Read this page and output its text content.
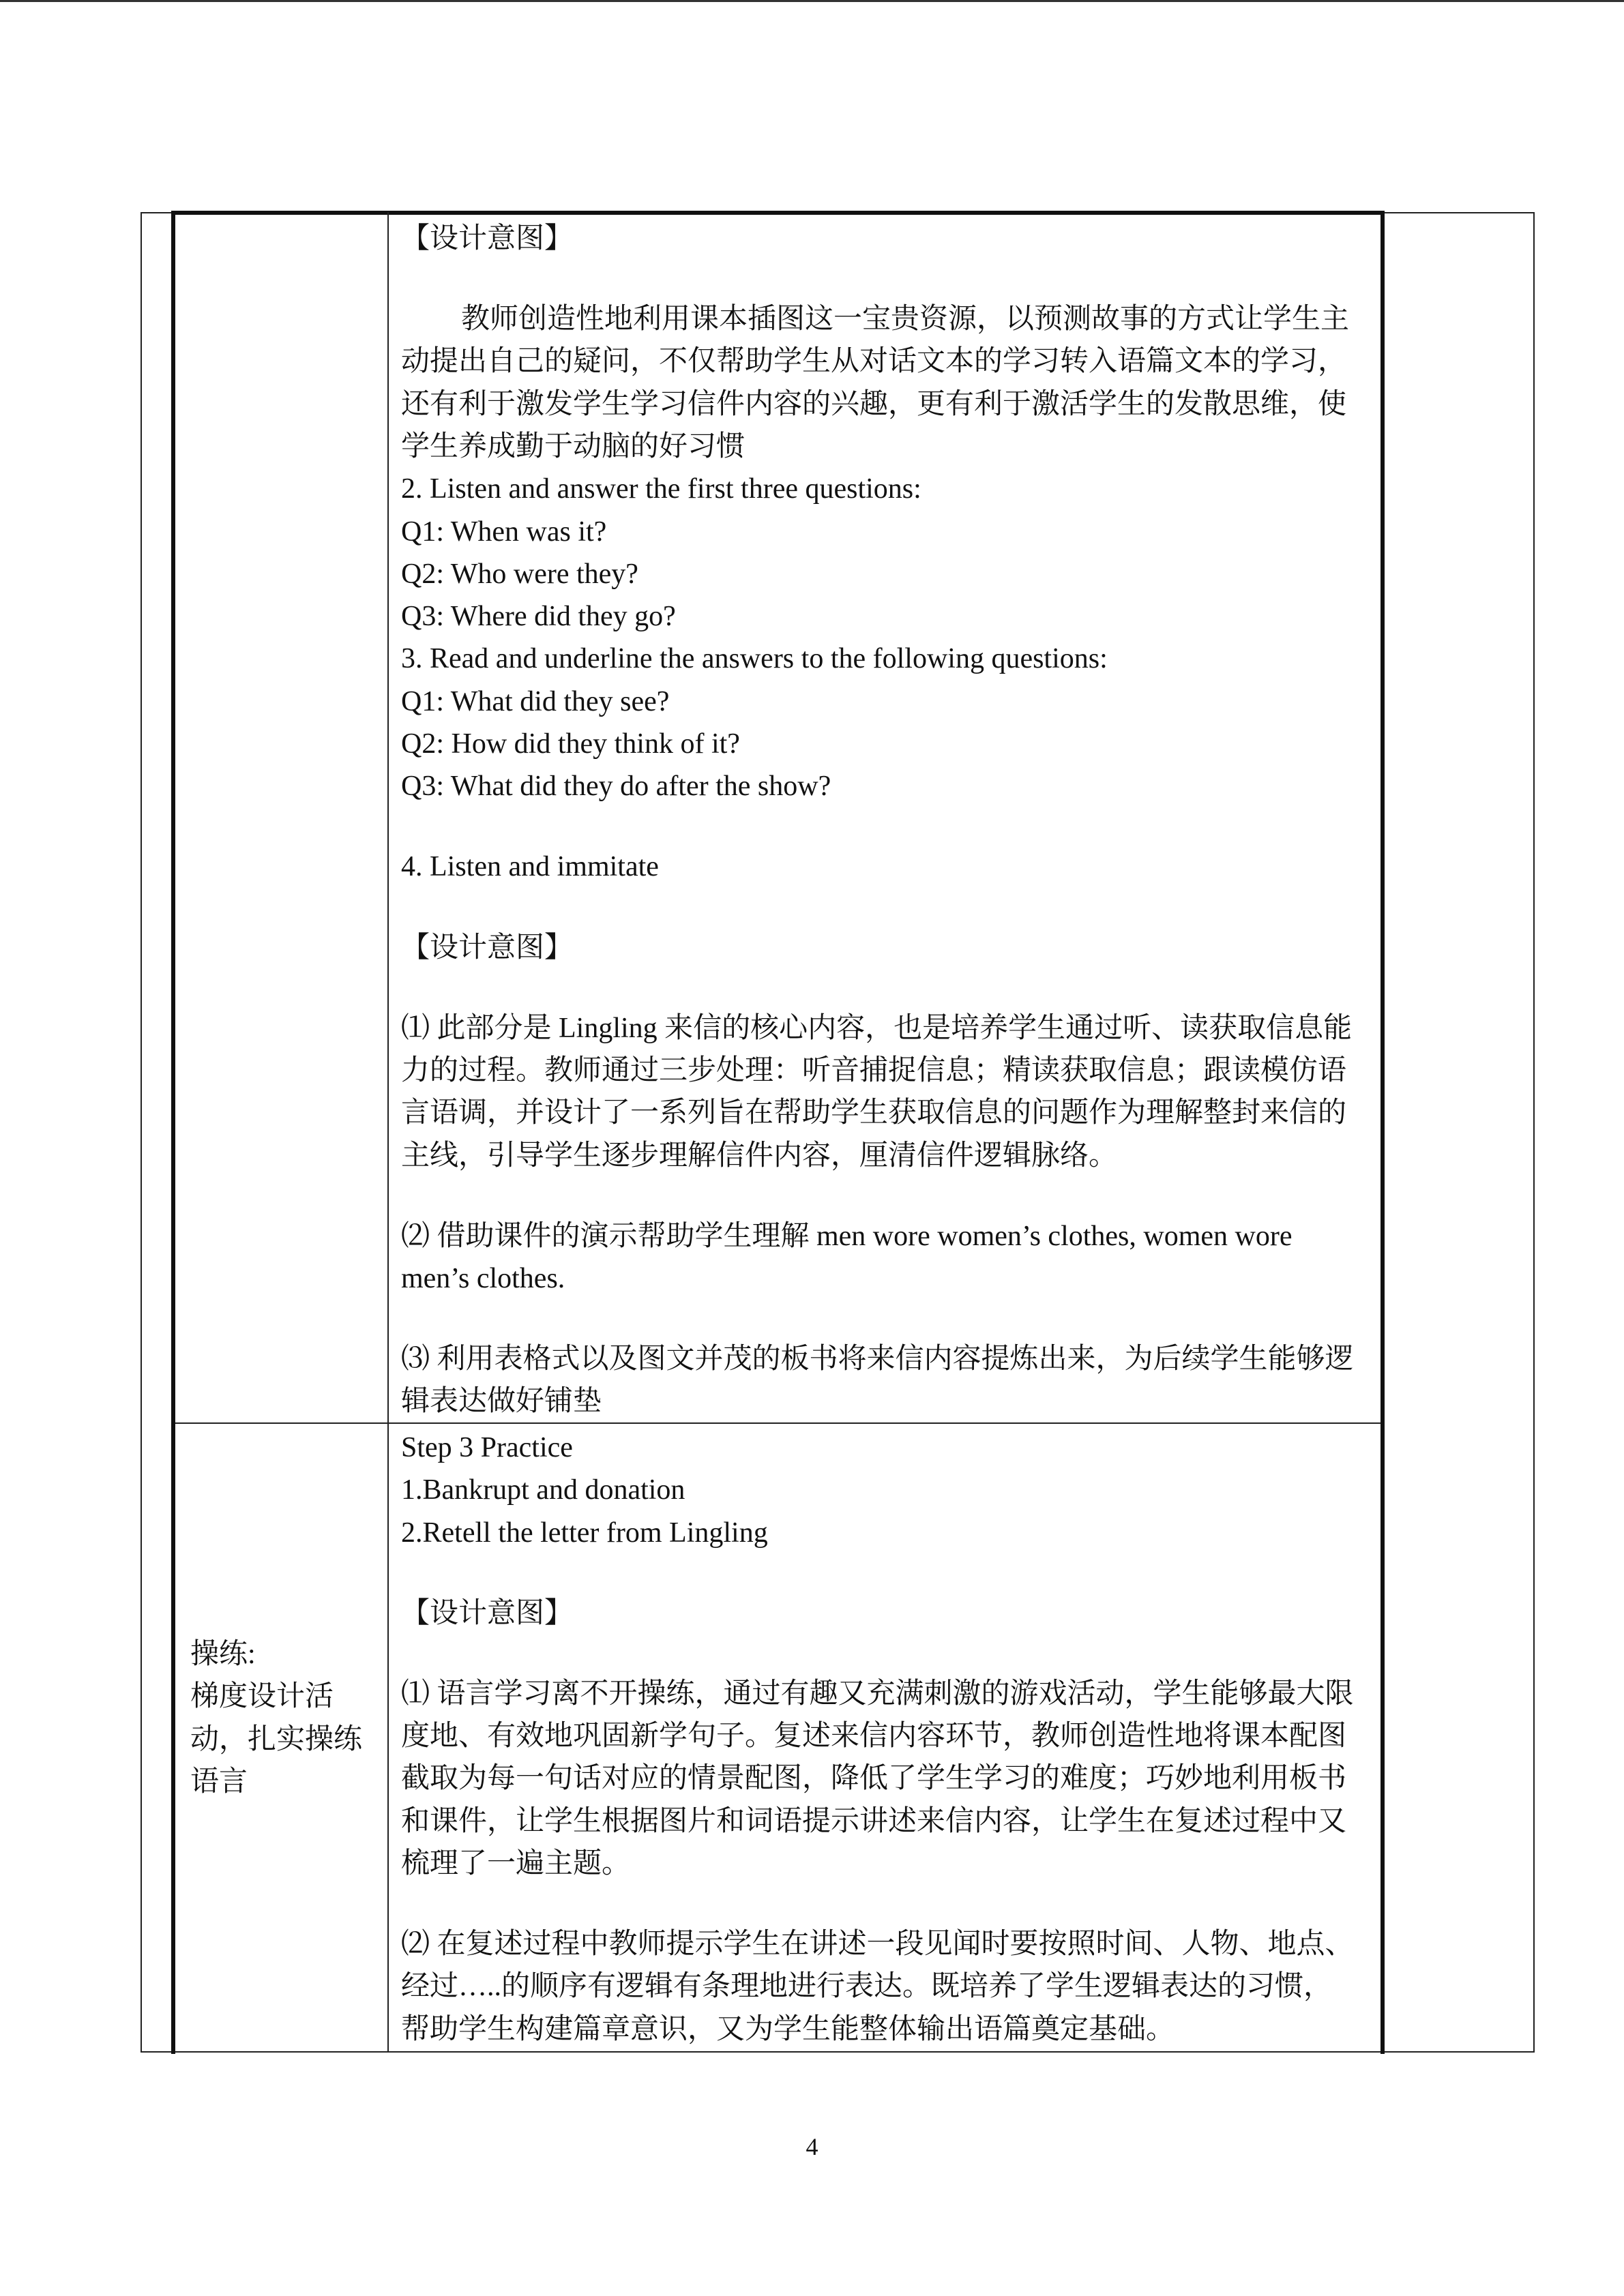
【设计意图】
教师创造性地利用课本插图这一宝贵资源，以预测故事的方式让学生主
动提出自己的疑问，不仅帮助学生从对话文本的学习转入语篇文本的学习，
还有利于激发学生学习信件内容的兴趣，更有利于激活学生的发散思维，使
学生养成勤于动脑的好习惯
2. Listen and answer the first three questions:
Q1: When was it?
Q2: Who were they?
Q3: Where did they go?
3. Read and underline the answers to the following questions:
Q1: What did they see?
Q2: How did they think of it?
Q3: What did they do after the show?
4. Listen and immitate
【设计意图】
⑴ 此部分是 Lingling 来信的核心内容，也是培养学生通过听、读获取信息能
力的过程。教师通过三步处理：听音捕捉信息；精读获取信息；跟读模仿语
言语调，并设计了一系列旨在帮助学生获取信息的问题作为理解整封来信的
主线，引导学生逐步理解信件内容，厘清信件逻辑脉络。
⑵ 借助课件的演示帮助学生理解 men wore women’s clothes, women wore
men’s clothes.
⑶ 利用表格式以及图文并茂的板书将来信内容提炼出来，为后续学生能够逻
辑表达做好铺垫
操练:
梯度设计活
动，扎实操练
语言
Step 3 Practice
1.Bankrupt and donation
2.Retell the letter from Lingling
【设计意图】
⑴ 语言学习离不开操练，通过有趣又充满刺激的游戏活动，学生能够最大限
度地、有效地巩固新学句子。复述来信内容环节，教师创造性地将课本配图
截取为每一句话对应的情景配图，降低了学生学习的难度；巧妙地利用板书
和课件，让学生根据图片和词语提示讲述来信内容，让学生在复述过程中又
梳理了一遍主题。
⑵ 在复述过程中教师提示学生在讲述一段见闻时要按照时间、人物、地点、
经过…..的顺序有逻辑有条理地进行表达。既培养了学生逻辑表达的习惯，
帮助学生构建篇章意识，又为学生能整体输出语篇奠定基础。
4
